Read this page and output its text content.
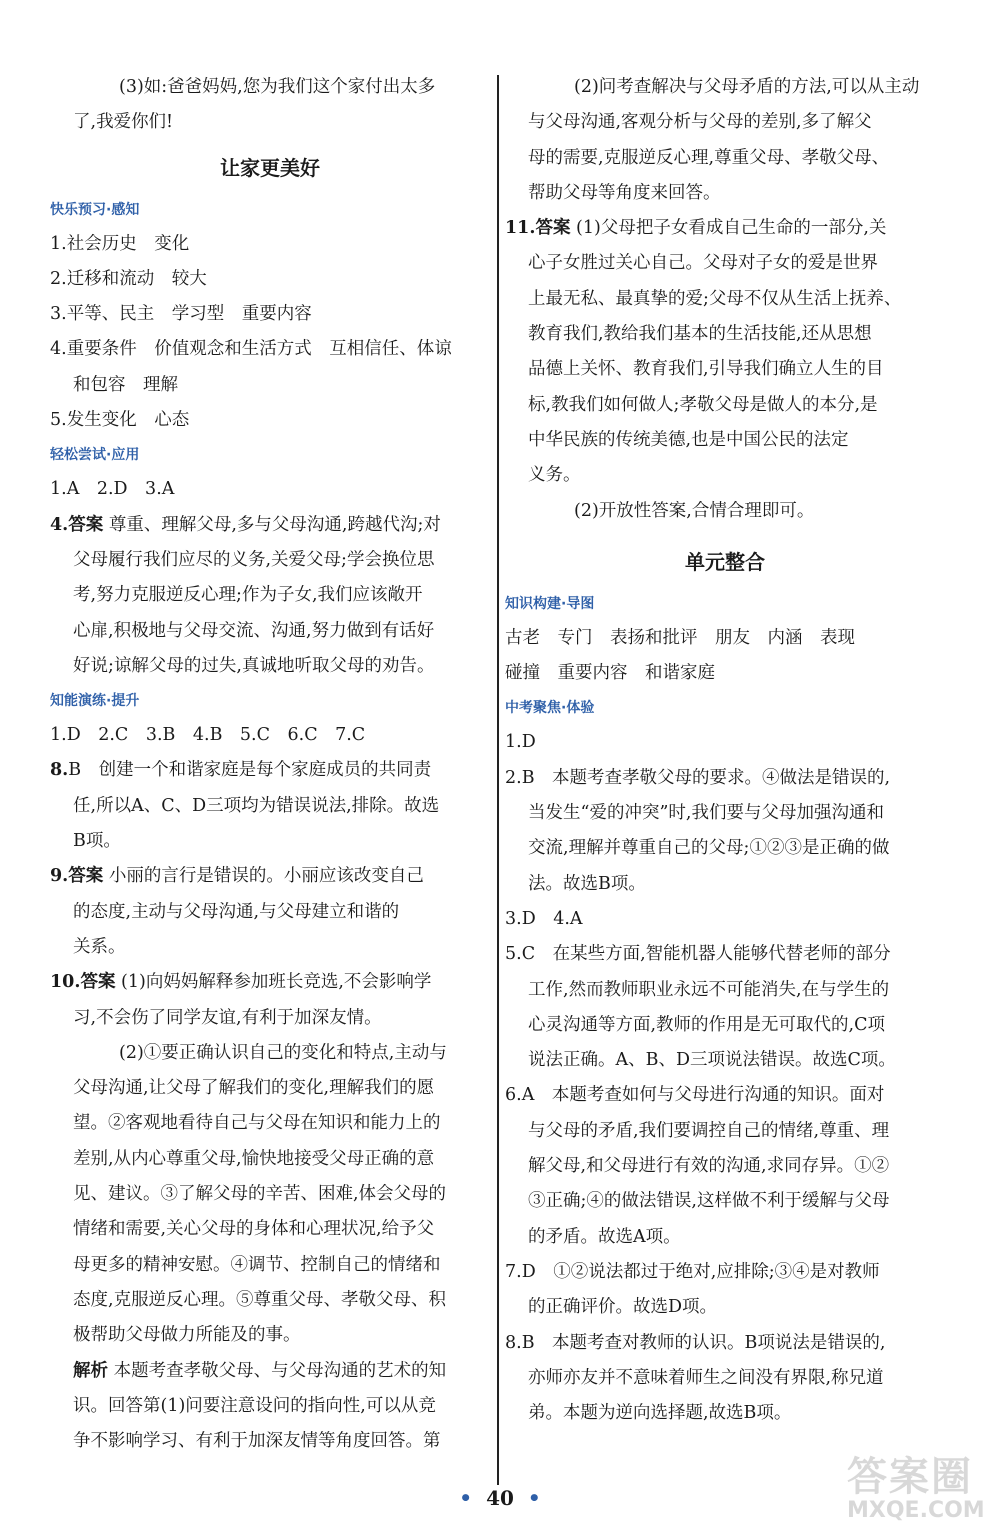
(3)如:爸爸妈妈,您为我们这个家付出太多

了,我爱你们!

让家更美好

快乐预习·感知

1.社会历史　变化

2.迁移和流动　较大

3.平等、民主　学习型　重要内容

4.重要条件　价值观念和生活方式　互相信任、体谅

和包容　理解

5.发生变化　心态

轻松尝试·应用

1.A　2.D　3.A

4.答案 尊重、理解父母,多与父母沟通,跨越代沟;对

父母履行我们应尽的义务,关爱父母;学会换位思

考,努力克服逆反心理;作为子女,我们应该敞开

心扉,积极地与父母交流、沟通,努力做到有话好

好说;谅解父母的过失,真诚地听取父母的劝告。

知能演练·提升

1.D　2.C　3.B　4.B　5.C　6.C　7.C

8.B　创建一个和谐家庭是每个家庭成员的共同责

任,所以A、C、D三项均为错误说法,排除。故选

B项。

9.答案 小丽的言行是错误的。小丽应该改变自己

的态度,主动与父母沟通,与父母建立和谐的

关系。

10.答案 (1)向妈妈解释参加班长竞选,不会影响学

习,不会伤了同学友谊,有利于加深友情。

(2)①要正确认识自己的变化和特点,主动与

父母沟通,让父母了解我们的变化,理解我们的愿

望。②客观地看待自己与父母在知识和能力上的

差别,从内心尊重父母,愉快地接受父母正确的意

见、建议。③了解父母的辛苦、困难,体会父母的

情绪和需要,关心父母的身体和心理状况,给予父

母更多的精神安慰。④调节、控制自己的情绪和

态度,克服逆反心理。⑤尊重父母、孝敬父母、积

极帮助父母做力所能及的事。

解析 本题考查孝敬父母、与父母沟通的艺术的知

识。回答第(1)问要注意设问的指向性,可以从竞

争不影响学习、有利于加深友情等角度回答。第

(2)问考查解决与父母矛盾的方法,可以从主动

与父母沟通,客观分析与父母的差别,多了解父

母的需要,克服逆反心理,尊重父母、孝敬父母、

帮助父母等角度来回答。

11.答案 (1)父母把子女看成自己生命的一部分,关

心子女胜过关心自己。父母对子女的爱是世界

上最无私、最真挚的爱;父母不仅从生活上抚养、

教育我们,教给我们基本的生活技能,还从思想

品德上关怀、教育我们,引导我们确立人生的目

标,教我们如何做人;孝敬父母是做人的本分,是

中华民族的传统美德,也是中国公民的法定

义务。

(2)开放性答案,合情合理即可。

单元整合

知识构建·导图

古老　专门　表扬和批评　朋友　内涵　表现

碰撞　重要内容　和谐家庭

中考聚焦·体验

1.D

2.B　本题考查孝敬父母的要求。④做法是错误的,

当发生“爱的冲突”时,我们要与父母加强沟通和

交流,理解并尊重自己的父母;①②③是正确的做

法。故选B项。

3.D　4.A

5.C　在某些方面,智能机器人能够代替老师的部分

工作,然而教师职业永远不可能消失,在与学生的

心灵沟通等方面,教师的作用是无可取代的,C项

说法正确。A、B、D三项说法错误。故选C项。

6.A　本题考查如何与父母进行沟通的知识。面对

与父母的矛盾,我们要调控自己的情绪,尊重、理

解父母,和父母进行有效的沟通,求同存异。①②

③正确;④的做法错误,这样做不利于缓解与父母

的矛盾。故选A项。

7.D　①②说法都过于绝对,应排除;③④是对教师

的正确评价。故选D项。

8.B　本题考查对教师的认识。B项说法是错误的,

亦师亦友并不意味着师生之间没有界限,称兄道

弟。本题为逆向选择题,故选B项。

• 40 •	答案圈
MXQE.COM
